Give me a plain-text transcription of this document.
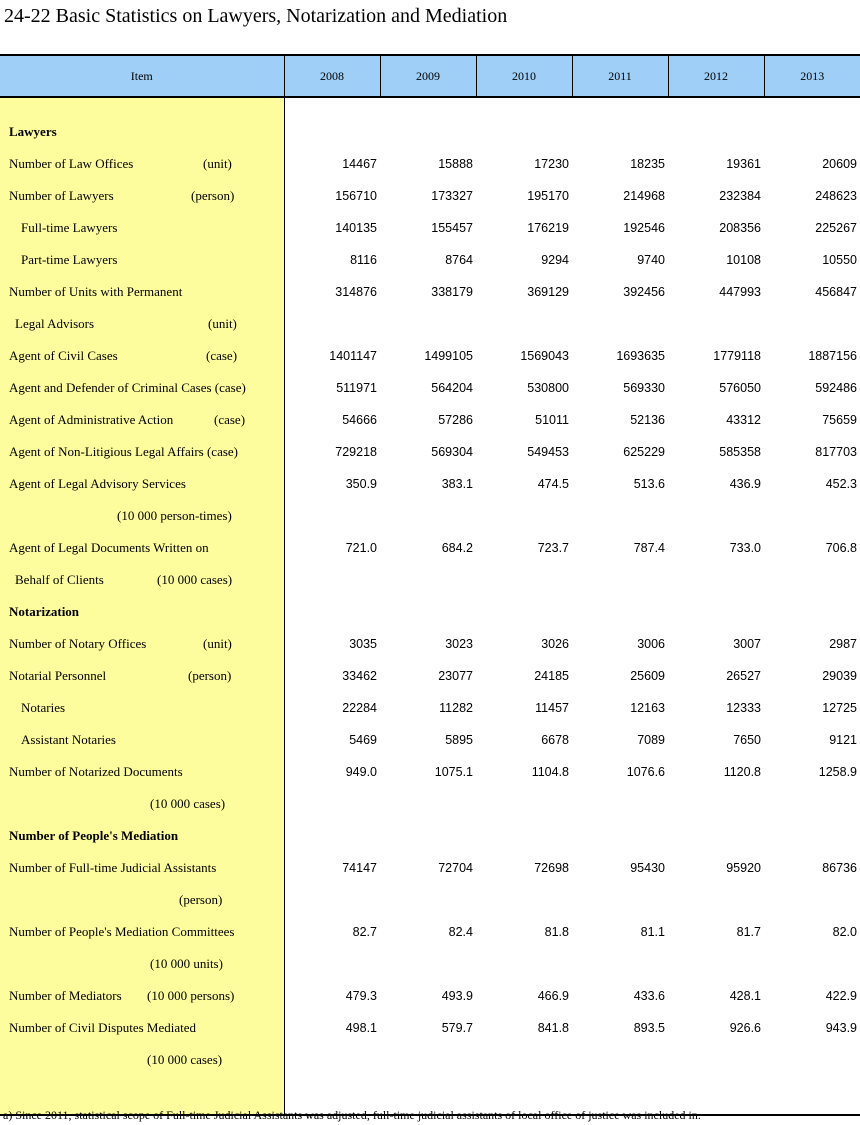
24-22 Basic Statistics on Lawyers, Notarization and Mediation
Item	2008	2009	2010	2011	2012	2013

Lawyers						

Number of Law Offices (unit)	14467	15888	17230	18235	19361	20609

Number of Lawyers (person)	156710	173327	195170	214968	232384	248623

Full-time Lawyers	140135	155457	176219	192546	208356	225267

Part-time Lawyers	8116	8764	9294	9740	10108	10550

Number of Units with Permanent	314876	338179	369129	392456	447993	456847

Legal Advisors (unit)						

Agent of Civil Cases (case)	1401147	1499105	1569043	1693635	1779118	1887156

Agent and Defender of Criminal Cases (case)	511971	564204	530800	569330	576050	592486

Agent of Administrative Action (case)	54666	57286	51011	52136	43312	75659

Agent of Non-Litigious Legal Affairs (case)	729218	569304	549453	625229	585358	817703

Agent of Legal Advisory Services	350.9	383.1	474.5	513.6	436.9	452.3

(10 000 person-times)						

Agent of Legal Documents Written on	721.0	684.2	723.7	787.4	733.0	706.8

Behalf of Clients (10 000 cases)						

Notarization						

Number of Notary Offices (unit)	3035	3023	3026	3006	3007	2987

Notarial Personnel (person)	33462	23077	24185	25609	26527	29039

Notaries	22284	11282	11457	12163	12333	12725

Assistant Notaries	5469	5895	6678	7089	7650	9121

Number of Notarized Documents	949.0	1075.1	1104.8	1076.6	1120.8	1258.9

(10 000 cases)						

Number of People's Mediation						

Number of Full-time Judicial Assistants	74147	72704	72698	95430	95920	86736

(person)						

Number of People's Mediation Committees	82.7	82.4	81.8	81.1	81.7	82.0

(10 000 units)						

Number of Mediators (10 000 persons)	479.3	493.9	466.9	433.6	428.1	422.9

Number of Civil Disputes Mediated	498.1	579.7	841.8	893.5	926.6	943.9

(10 000 cases)						

a) Since 2011, statistical scope of Full-time Judicial Assistants was adjusted, full-time judicial assistants of local office of justice was included in.
